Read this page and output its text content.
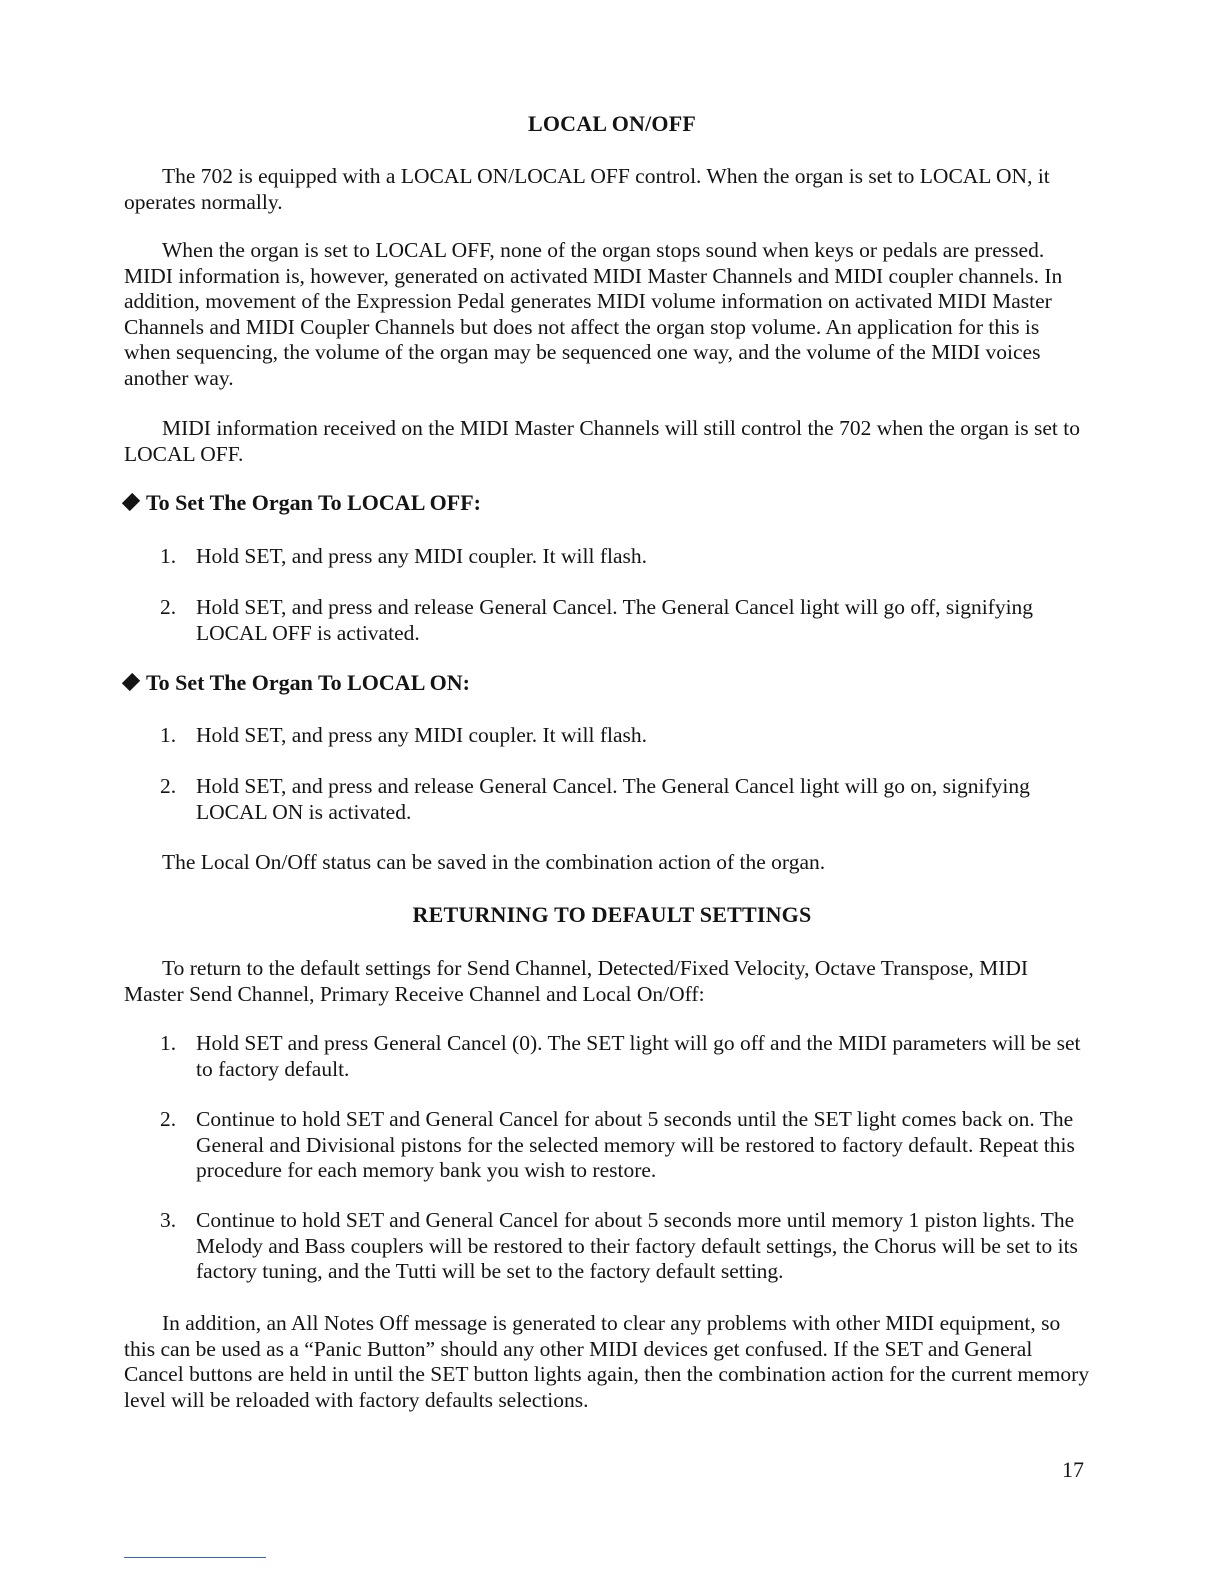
LOCAL ON/OFF

The 702 is equipped with a LOCAL ON/LOCAL OFF control. When the organ is set to LOCAL ON, it operates normally.

When the organ is set to LOCAL OFF, none of the organ stops sound when keys or pedals are pressed. MIDI information is, however, generated on activated MIDI Master Channels and MIDI coupler channels. In addition, movement of the Expression Pedal generates MIDI volume information on activated MIDI Master Channels and MIDI Coupler Channels but does not affect the organ stop volume. An application for this is when sequencing, the volume of the organ may be sequenced one way, and the volume of the MIDI voices another way.

MIDI information received on the MIDI Master Channels will still control the 702 when the organ is set to LOCAL OFF.

To Set The Organ To LOCAL OFF:
1. Hold SET, and press any MIDI coupler. It will flash.
2. Hold SET, and press and release General Cancel. The General Cancel light will go off, signifying LOCAL OFF is activated.
To Set The Organ To LOCAL ON:
1. Hold SET, and press any MIDI coupler. It will flash.
2. Hold SET, and press and release General Cancel. The General Cancel light will go on, signifying LOCAL ON is activated.

The Local On/Off status can be saved in the combination action of the organ.

RETURNING TO DEFAULT SETTINGS

To return to the default settings for Send Channel, Detected/Fixed Velocity, Octave Transpose, MIDI Master Send Channel, Primary Receive Channel and Local On/Off:

1. Hold SET and press General Cancel (0). The SET light will go off and the MIDI parameters will be set to factory default.
2. Continue to hold SET and General Cancel for about 5 seconds until the SET light comes back on. The General and Divisional pistons for the selected memory will be restored to factory default. Repeat this procedure for each memory bank you wish to restore.
3. Continue to hold SET and General Cancel for about 5 seconds more until memory 1 piston lights. The Melody and Bass couplers will be restored to their factory default settings, the Chorus will be set to its factory tuning, and the Tutti will be set to the factory default setting.

In addition, an All Notes Off message is generated to clear any problems with other MIDI equipment, so this can be used as a “Panic Button” should any other MIDI devices get confused. If the SET and General Cancel buttons are held in until the SET button lights again, then the combination action for the current memory level will be reloaded with factory defaults selections.

17
